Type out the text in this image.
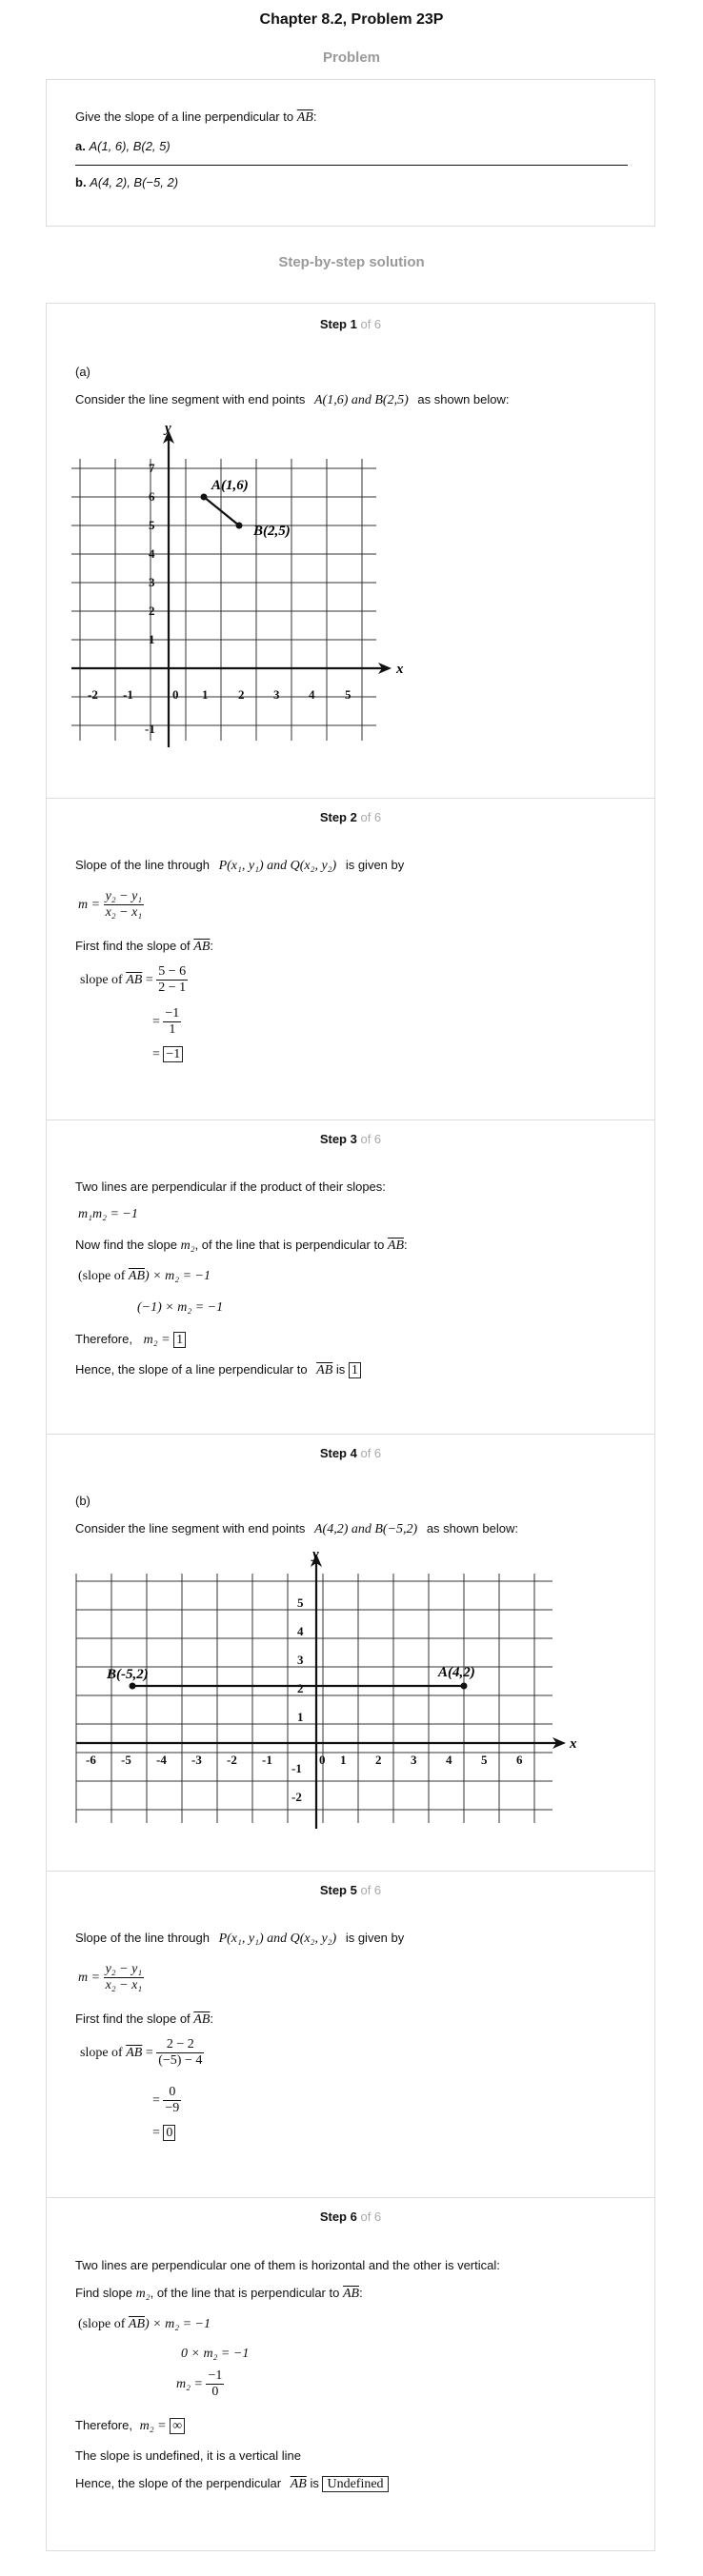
Chapter 8.2, Problem 23P
Problem
Give the slope of a line perpendicular to $\overline{AB}$:
a. A(1, 6), B(2, 5)
b. A(4, 2), B(−5, 2)
Step-by-step solution
Step 1 of 6
(a)
Consider the line segment with end points A(1,6) and B(2,5) as shown below:
x
y
-2 -1	0 1 2 3 4 5
7
6
5
4
3
2
1
-1
A(1,6)
B(2,5)
Step 2 of 6
Slope of the line through P(x₁, y₁) and Q(x₂, y₂) is given by
$m = \frac{\text{y₂ − y₁}}{\text{x₂ − x₁}}$
First find the slope of $\overline{AB}$:
slope of $\overline{AB} = \frac{5 - 6}{2 - 1}$
= $\frac{-1}{1}$
= −1
Step 3 of 6
Two lines are perpendicular if the product of their slopes:
m₁m₂ = −1
Now find the slope m₂, of the line that is perpendicular to $\overline{AB}$:
(slope of $\overline{AB}) \times m_2 = -1$
(−1) × m₂ = −1
Therefore, m₂ = 1
Hence, the slope of a line perpendicular to $\overline{AB}$ is 1
Step 4 of 6
(b)
Consider the line segment with end points A(4,2) and B(−5,2) as shown below:
x
y
-6 -5 -4 -3 -2 -1	0 1 2 3 4 5 6
5
4
3
2
1
-1
-2
B(-5,2)	A(4,2)
Step 5 of 6
Slope of the line through P(x₁, y₁) and Q(x₂, y₂) is given by
$m = \frac{\text{y₂ − y₁}}{\text{x₂ − x₁}}$
First find the slope of $\overline{AB}$:
slope of $\overline{AB} = \frac{2 - 2}{(-5) - 4}$
= $\frac{0}{-9}$
= 0
Step 6 of 6
Two lines are perpendicular one of them is horizontal and the other is vertical:
Find slope m₂, of the line that is perpendicular to $\overline{AB}$:
(slope of $\overline{AB}) \times m_2 = -1$
0 × m₂ = −1
$m_2 = \frac{-1}{0}$
Therefore, m₂ = ∞
The slope is undefined, it is a vertical line
Hence, the slope of the perpendicular $\overline{AB}$ is Undefined
